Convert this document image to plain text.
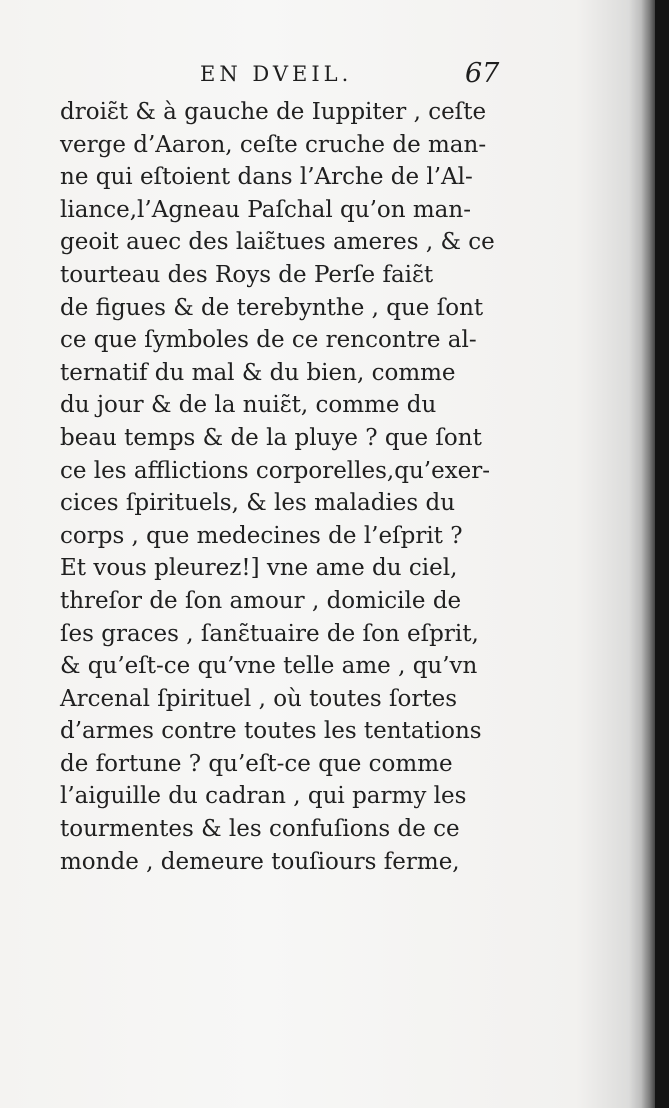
EN DVEIL.	67
droiɛ̃t & à gauche de Iuppiter , ceſte
verge d’Aaron, ceſte cruche de man-
ne qui eſtoient dans l’Arche de l’Al-
liance,l’Agneau Paſchal qu’on man-
geoit auec des laiɛ̃tues ameres , & ce
tourteau des Roys de Perſe faiɛ̃t
de figues & de terebynthe , que ſont
ce que ſymboles de ce rencontre al-
ternatif du mal & du bien, comme
du jour & de la nuiɛ̃t, comme du
beau temps & de la pluye ? que ſont
ce les afflictions corporelles,qu’exer-
cices ſpirituels, & les maladies du
corps , que medecines de l’eſprit ?
Et vous pleurez!] vne ame du ciel,
threſor de ſon amour , domicile de
ſes graces , ſanɛ̃tuaire de ſon eſprit,
& qu’eſt-ce qu’vne telle ame , qu’vn
Arcenal ſpirituel , où toutes ſortes
d’armes contre toutes les tentations
de fortune ? qu’eſt-ce que comme
l’aiguille du cadran , qui parmy les
tourmentes & les confuſions de ce
monde , demeure touſiours ferme,
